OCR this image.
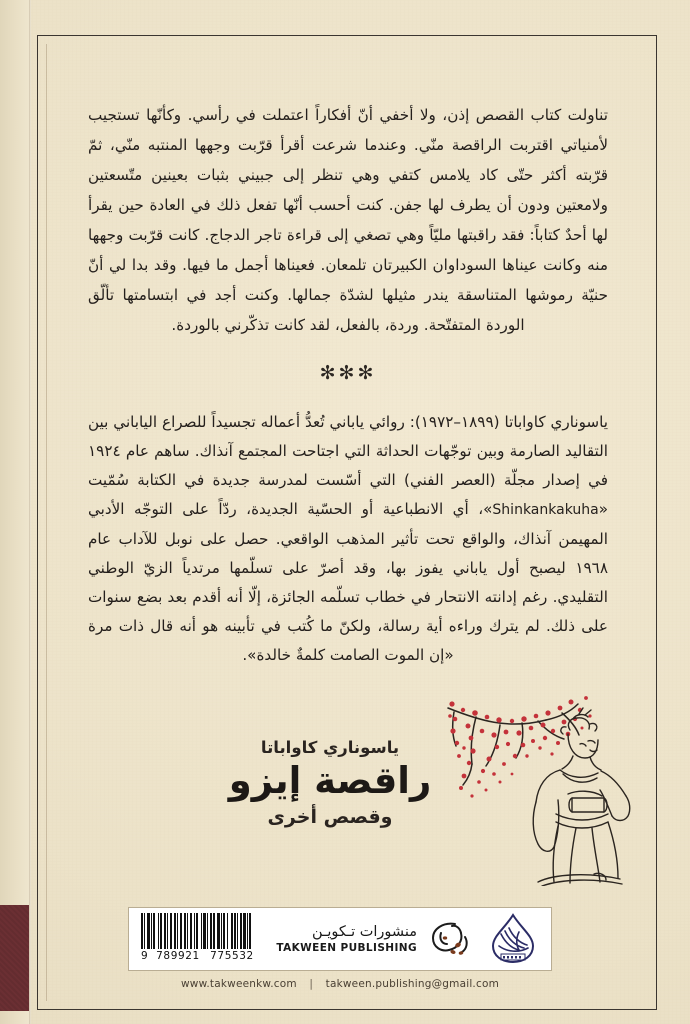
تناولت كتاب القصص إذن، ولا أخفي أنّ أفكاراً اعتملت في رأسي. وكأنّها تستجيب لأمنياتي اقتربت الراقصة منّي. وعندما شرعت أقرأ قرّبت وجهها المنتبه منّي، ثمّ قرّبته أكثر حتّى كاد يلامس كتفي وهي تنظر إلى جبيني بثبات بعينين متّسعتين ولامعتين ودون أن يطرف لها جفن. كنت أحسب أنّها تفعل ذلك في العادة حين يقرأ لها أحدٌ كتاباً: فقد راقبتها مليّاً وهي تصغي إلى قراءة تاجر الدجاج. كانت قرّبت وجهها منه وكانت عيناها السوداوان الكبيرتان تلمعان. فعيناها أجمل ما فيها. وقد بدا لي أنّ حنيّة رموشها المتناسقة يندر مثيلها لشدّة جمالها. وكنت أجد في ابتسامتها تألّق الوردة المتفتّحة. وردة، بالفعل، لقد كانت تذكّرني بالوردة.

✻✻✻

ياسوناري كاواباتا (١٨٩٩–١٩٧٢): روائي ياباني تُعدُّ أعماله تجسيداً للصراع الياباني بين التقاليد الصارمة وبين توجّهات الحداثة التي اجتاحت المجتمع آنذاك. ساهم عام ١٩٢٤ في إصدار مجلّة (العصر الفني) التي أسّست لمدرسة جديدة في الكتابة سُمّيت «Shinkankakuha»، أي الانطباعية أو الحسّية الجديدة، ردّاً على التوجّه الأدبي المهيمن آنذاك، والواقع تحت تأثير المذهب الواقعي. حصل على نوبل للآداب عام ١٩٦٨ ليصبح أول ياباني يفوز بها، وقد أصرّ على تسلّمها مرتدياً الزيّ الوطني التقليدي. رغم إدانته الانتحار في خطاب تسلّمه الجائزة، إلّا أنه أقدم بعد بضع سنوات على ذلك. لم يترك وراءه أية رسالة، ولكنّ ما كُتب في تأبينه هو أنه قال ذات مرة «إن الموت الصامت كلمةٌ خالدة».

ياسوناري كاواباتا
راقصة إيزو
وقصص أخرى
9 789921 775532
منشورات تـكويـن
TAKWEEN PUBLISHING
www.takweenkw.com | takween.publishing@gmail.com
